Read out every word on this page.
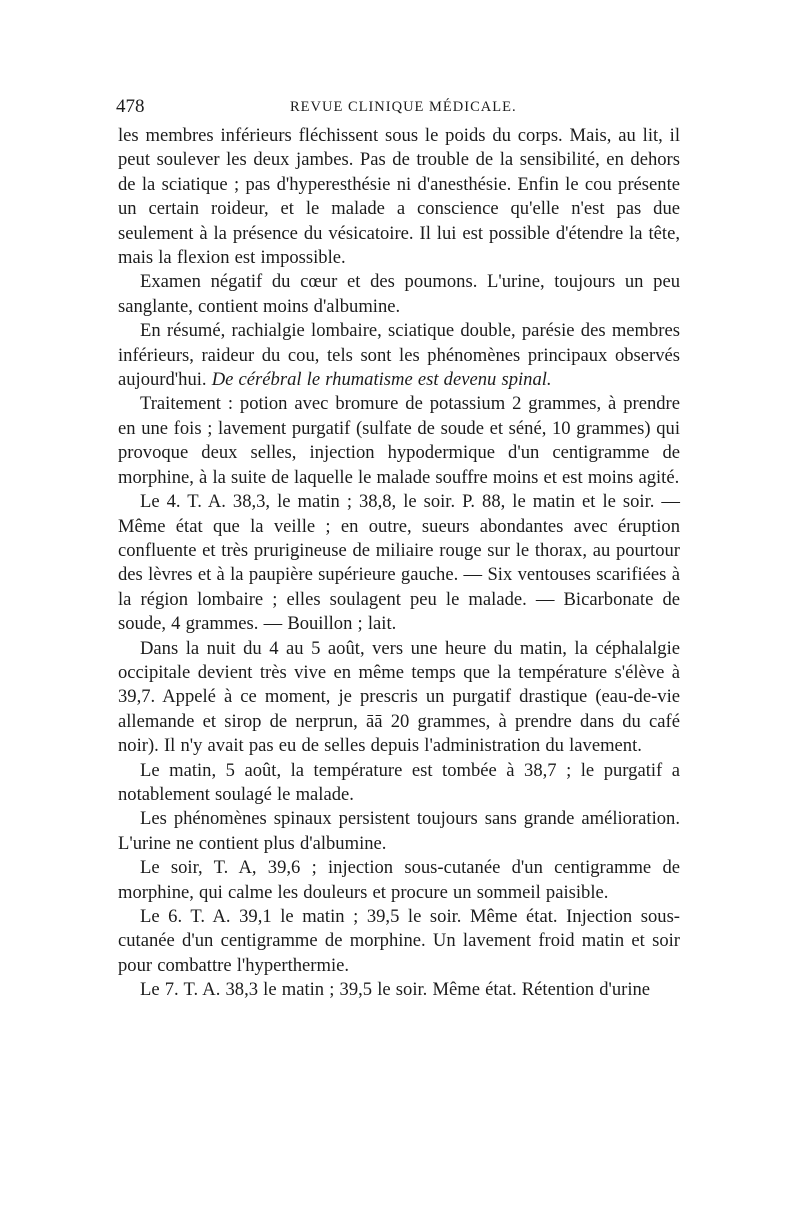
478	REVUE CLINIQUE MÉDICALE.

les membres inférieurs fléchissent sous le poids du corps. Mais, au lit, il peut soulever les deux jambes. Pas de trouble de la sensibilité, en dehors de la sciatique ; pas d'hyperesthésie ni d'anesthésie. Enfin le cou présente un certain roideur, et le malade a conscience qu'elle n'est pas due seulement à la présence du vésicatoire. Il lui est possible d'étendre la tête, mais la flexion est impossible.

Examen négatif du cœur et des poumons. L'urine, toujours un peu sanglante, contient moins d'albumine.

En résumé, rachialgie lombaire, sciatique double, parésie des membres inférieurs, raideur du cou, tels sont les phénomènes principaux observés aujourd'hui. De cérébral le rhumatisme est devenu spinal.

Traitement : potion avec bromure de potassium 2 grammes, à prendre en une fois ; lavement purgatif (sulfate de soude et séné, 10 grammes) qui provoque deux selles, injection hypodermique d'un centigramme de morphine, à la suite de laquelle le malade souffre moins et est moins agité.

Le 4. T. A. 38,3, le matin ; 38,8, le soir. P. 88, le matin et le soir. — Même état que la veille ; en outre, sueurs abondantes avec éruption confluente et très prurigineuse de miliaire rouge sur le thorax, au pourtour des lèvres et à la paupière supérieure gauche. — Six ventouses scarifiées à la région lombaire ; elles soulagent peu le malade. — Bicarbonate de soude, 4 grammes. — Bouillon ; lait.

Dans la nuit du 4 au 5 août, vers une heure du matin, la céphalalgie occipitale devient très vive en même temps que la température s'élève à 39,7. Appelé à ce moment, je prescris un purgatif drastique (eau-de-vie allemande et sirop de nerprun, āā 20 grammes, à prendre dans du café noir). Il n'y avait pas eu de selles depuis l'administration du lavement.

Le matin, 5 août, la température est tombée à 38,7 ; le purgatif a notablement soulagé le malade.

Les phénomènes spinaux persistent toujours sans grande amélioration. L'urine ne contient plus d'albumine.

Le soir, T. A, 39,6 ; injection sous-cutanée d'un centigramme de morphine, qui calme les douleurs et procure un sommeil paisible.

Le 6. T. A. 39,1 le matin ; 39,5 le soir. Même état. Injection sous-cutanée d'un centigramme de morphine. Un lavement froid matin et soir pour combattre l'hyperthermie.

Le 7. T. A. 38,3 le matin ; 39,5 le soir. Même état. Rétention d'urine
